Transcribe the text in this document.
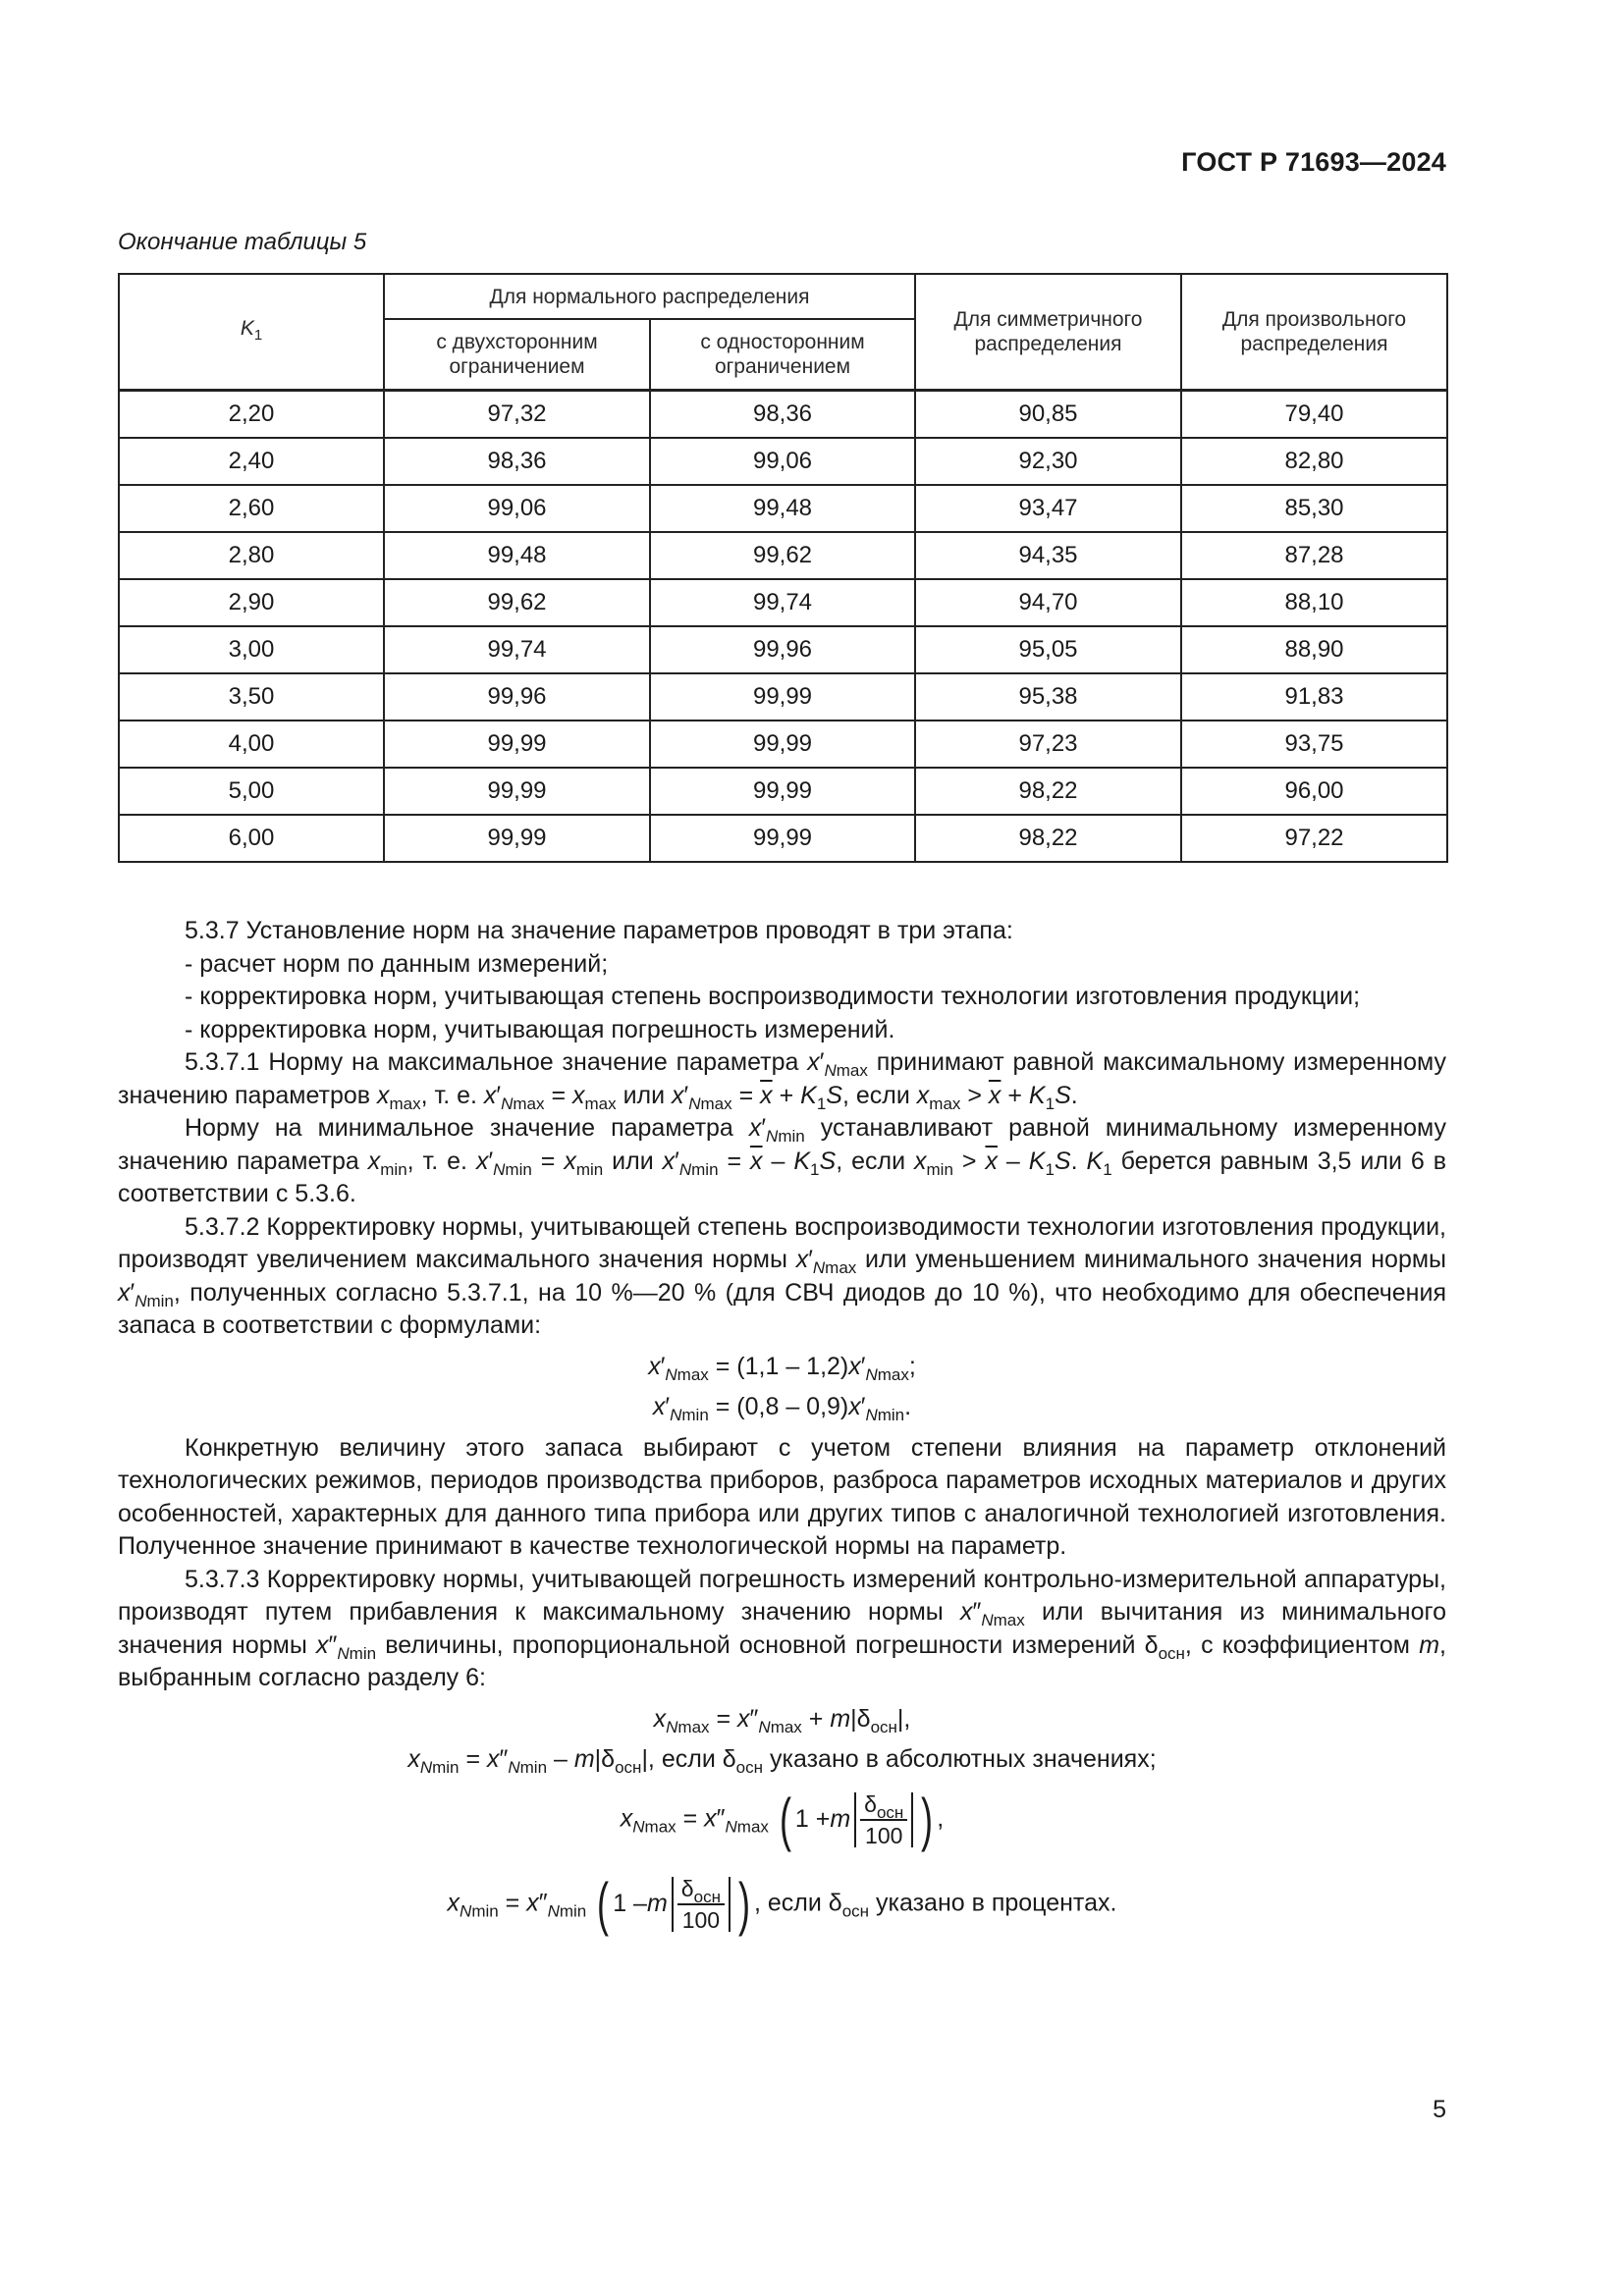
ГОСТ Р 71693—2024
Окончание таблицы 5
$K_1$	Для нормального распределения		Для симметричного распределения	Для произвольного распределения
	с двухсторонним ограничением	с односторонним ограничением		
2,20	97,32	98,36	90,85	79,40
2,40	98,36	99,06	92,30	82,80
2,60	99,06	99,48	93,47	85,30
2,80	99,48	99,62	94,35	87,28
2,90	99,62	99,74	94,70	88,10
3,00	99,74	99,96	95,05	88,90
3,50	99,96	99,99	95,38	91,83
4,00	99,99	99,99	97,23	93,75
5,00	99,99	99,99	98,22	96,00
6,00	99,99	99,99	98,22	97,22

5.3.7 Установление норм на значение параметров проводят в три этапа:

- расчет норм по данным измерений;

- корректировка норм, учитывающая степень воспроизводимости технологии изготовления продукции;

- корректировка норм, учитывающая погрешность измерений.

5.3.7.1 Норму на максимальное значение параметра $x'_{Nmax}$ принимают равной максимальному измеренному значению параметров $x_{max}$, т. е. $x'_{Nmax} = x_{max}$ или $x'_{Nmax} = \overline{x} + K_1S$, если $x_{max} > \overline{x} + K_1S$.

Норму на минимальное значение параметра $x'_{Nmin}$ устанавливают равной минимальному измеренному значению параметра $x_{min}$, т. е. $x'_{Nmin} = x_{min}$ или $x'_{Nmin} = \overline{x} - K_1S$, если $x_{min} > \overline{x} - K_1S$. $K_1$ берется равным 3,5 или 6 в соответствии с 5.3.6.

5.3.7.2 Корректировку нормы, учитывающей степень воспроизводимости технологии изготовления продукции, производят увеличением максимального значения нормы $x'_{Nmax}$ или уменьшением минимального значения нормы $x'_{Nmin}$, полученных согласно 5.3.7.1, на 10 %—20 % (для СВЧ диодов до 10 %), что необходимо для обеспечения запаса в соответствии с формулами:

$x'_{Nmax} = (1,1 - 1,2)x'_{Nmax}$;

$x'_{Nmin} = (0,8 - 0,9)x'_{Nmin}$.

Конкретную величину этого запаса выбирают с учетом степени влияния на параметр отклонений технологических режимов, периодов производства приборов, разброса параметров исходных материалов и других особенностей, характерных для данного типа прибора или других типов с аналогичной технологией изготовления. Полученное значение принимают в качестве технологической нормы на параметр.

5.3.7.3 Корректировку нормы, учитывающей погрешность измерений контрольно-измерительной аппаратуры, производят путем прибавления к максимальному значению нормы $x''_{Nmax}$ или вычитания из минимального значения нормы $x''_{Nmin}$ величины, пропорциональной основной погрешности измерений $\delta_{осн}$, с коэффициентом m, выбранным согласно разделу 6:

$x_{Nmax} = x''_{Nmax} + m|\delta_{осн}|$,

$x_{Nmin} = x''_{Nmin} - m|\delta_{осн}|$, если $\delta_{осн}$ указано в абсолютных значениях;

$x_{Nmax} = x''_{Nmax}$ ( 1 + m $\frac{\delta_{осн}}{100}$ ) ,

$x_{Nmin} = x''_{Nmin}$ ( 1 – m $\frac{\delta_{осн}}{100}$ ) , если $\delta_{осн}$ указано в процентах.

5
